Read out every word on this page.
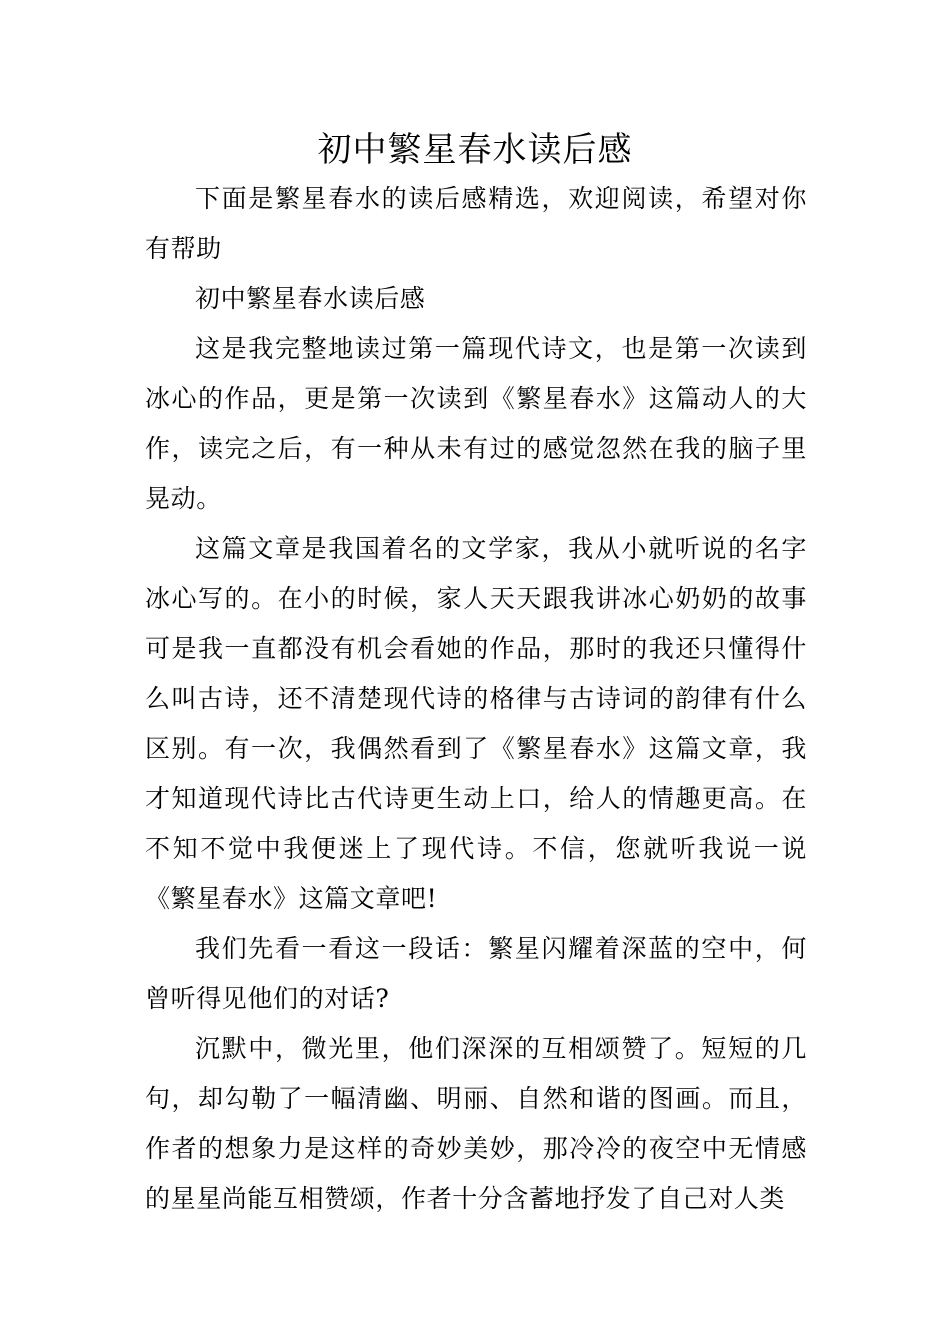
初中繁星春水读后感

下面是繁星春水的读后感精选，欢迎阅读，希望对你有帮助

初中繁星春水读后感

这是我完整地读过第一篇现代诗文，也是第一次读到冰心的作品，更是第一次读到《繁星春水》这篇动人的大作，读完之后，有一种从未有过的感觉忽然在我的脑子里晃动。

这篇文章是我国着名的文学家，我从小就听说的名字冰心写的。在小的时候，家人天天跟我讲冰心奶奶的故事可是我一直都没有机会看她的作品，那时的我还只懂得什么叫古诗，还不清楚现代诗的格律与古诗词的韵律有什么区别。有一次，我偶然看到了《繁星春水》这篇文章，我才知道现代诗比古代诗更生动上口，给人的情趣更高。在不知不觉中我便迷上了现代诗。不信，您就听我说一说《繁星春水》这篇文章吧!

我们先看一看这一段话：繁星闪耀着深蓝的空中，何曾听得见他们的对话?

沉默中，微光里，他们深深的互相颂赞了。短短的几句，却勾勒了一幅清幽、明丽、自然和谐的图画。而且，作者的想象力是这样的奇妙美妙，那冷冷的夜空中无情感的星星尚能互相赞颂，作者十分含蓄地抒发了自己对人类
